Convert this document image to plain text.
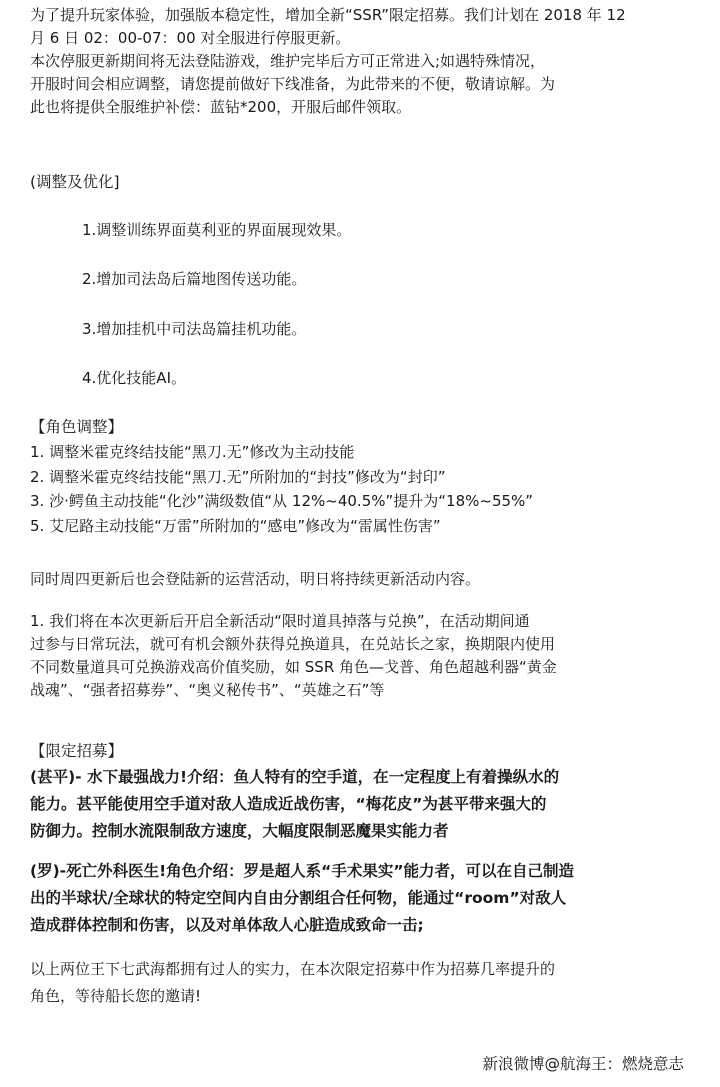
为了提升玩家体验，加强版本稳定性，增加全新“SSR”限定招募。我们计划在 2018 年 12
月 6 日 02：00-07：00 对全服进行停服更新。
本次停服更新期间将无法登陆游戏，维护完毕后方可正常进入;如遇特殊情况，
开服时间会相应调整，请您提前做好下线准备，为此带来的不便，敬请谅解。为
此也将提供全服维护补偿：蓝钻*200，开服后邮件领取。
(调整及优化]
1.调整训练界面莫利亚的界面展现效果。
2.增加司法岛后篇地图传送功能。
3.增加挂机中司法岛篇挂机功能。
4.优化技能AI。
【角色调整】
1. 调整米霍克终结技能“黑刀.无”修改为主动技能
2. 调整米霍克终结技能“黑刀.无”所附加的“封技”修改为“封印”
3. 沙·鳄鱼主动技能“化沙”满级数值“从 12%~40.5%”提升为“18%~55%”
5. 艾尼路主动技能“万雷”所附加的“感电”修改为“雷属性伤害”
同时周四更新后也会登陆新的运营活动，明日将持续更新活动内容。
1. 我们将在本次更新后开启全新活动“限时道具掉落与兑换”，在活动期间通
过参与日常玩法，就可有机会额外获得兑换道具，在兑站长之家，换期限内使用
不同数量道具可兑换游戏高价值奖励，如 SSR 角色—戈普、角色超越利器“黄金
战魂”、“强者招募券”、“奥义秘传书”、“英雄之石”等
【限定招募】
(甚平)- 水下最强战力!介绍：鱼人特有的空手道，在一定程度上有着操纵水的
能力。甚平能使用空手道对敌人造成近战伤害，“梅花皮”为甚平带来强大的
防御力。控制水流限制敌方速度，大幅度限制恶魔果实能力者
(罗)-死亡外科医生!角色介绍：罗是超人系“手术果实”能力者，可以在自己制造
出的半球状/全球状的特定空间内自由分割组合任何物，能通过“room”对敌人
造成群体控制和伤害，以及对单体敌人心脏造成致命一击;
以上两位王下七武海都拥有过人的实力，在本次限定招募中作为招募几率提升的
角色，等待船长您的邀请!
新浪微博@航海王：燃烧意志
